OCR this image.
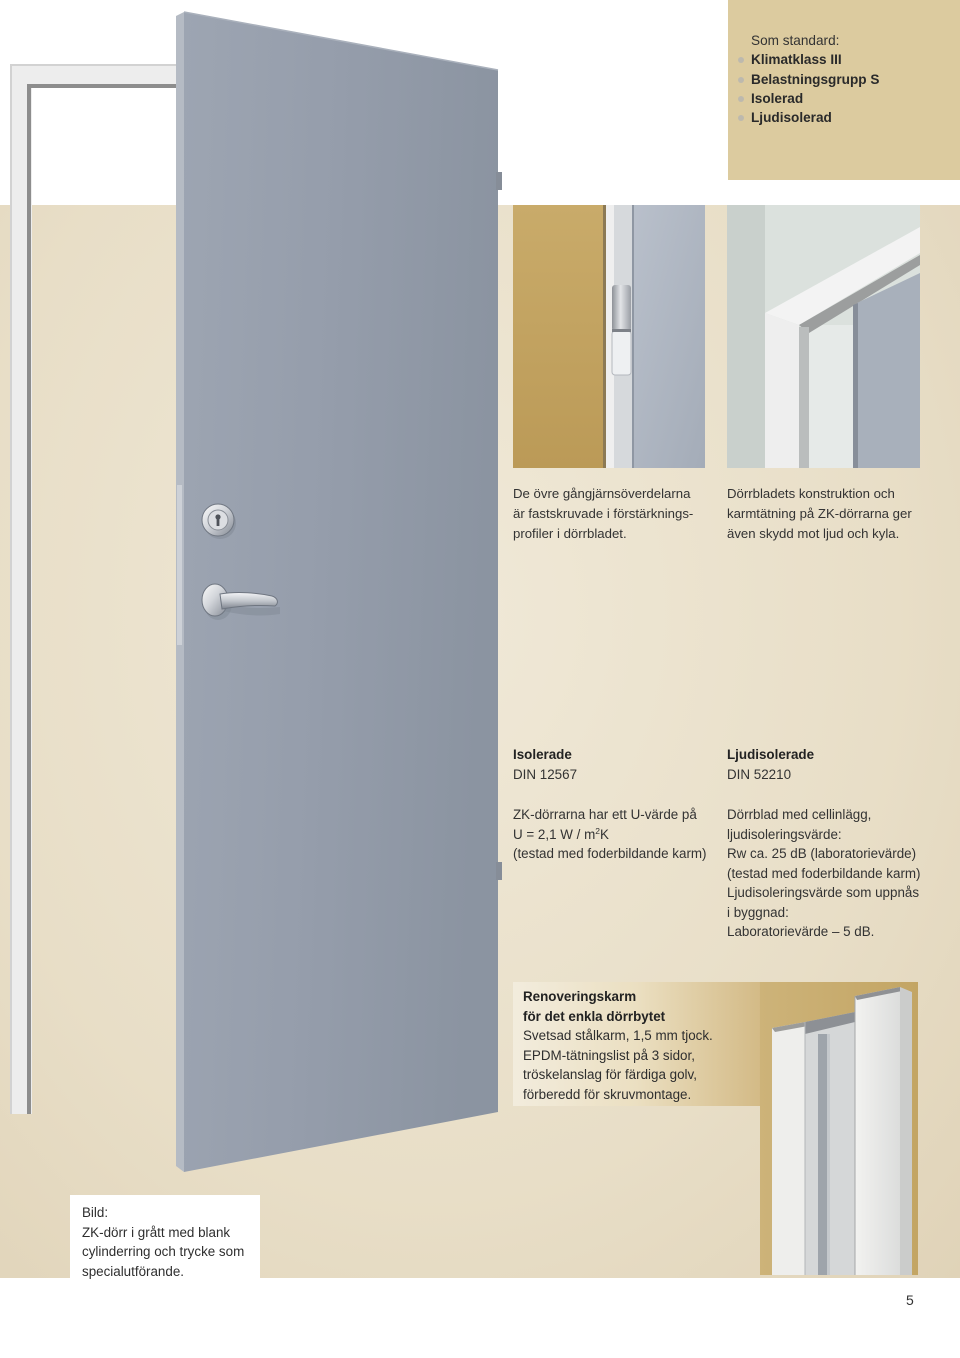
Som standard:
Klimatklass III
Belastningsgrupp S
Isolerad
Ljudisolerad
De övre gångjärnsöverdelarna
är fastskruvade i förstärknings-
profiler i dörrbladet.
Dörrbladets konstruktion och
karmtätning på ZK-dörrarna ger
även skydd mot ljud och kyla.
Isolerade
DIN 12567
ZK-dörrarna har ett U-värde på
U = 2,1 W / $m^2K$
(testad med foderbildande karm)
Ljudisolerade
DIN 52210
Dörrblad med cellinlägg,
ljudisoleringsvärde:
Rw ca. 25 dB (laboratorievärde)
(testad med foderbildande karm)
Ljudisoleringsvärde som uppnås
i byggnad:
Laboratorievärde – 5 dB.
Renoveringskarm
för det enkla dörrbytet
Svetsad stålkarm, 1,5 mm tjock.
EPDM-tätningslist på 3 sidor,
tröskelanslag för färdiga golv,
förberedd för skruvmontage.
Bild:
ZK-dörr i grått med blank
cylinderring och trycke som
specialutförande.
5
